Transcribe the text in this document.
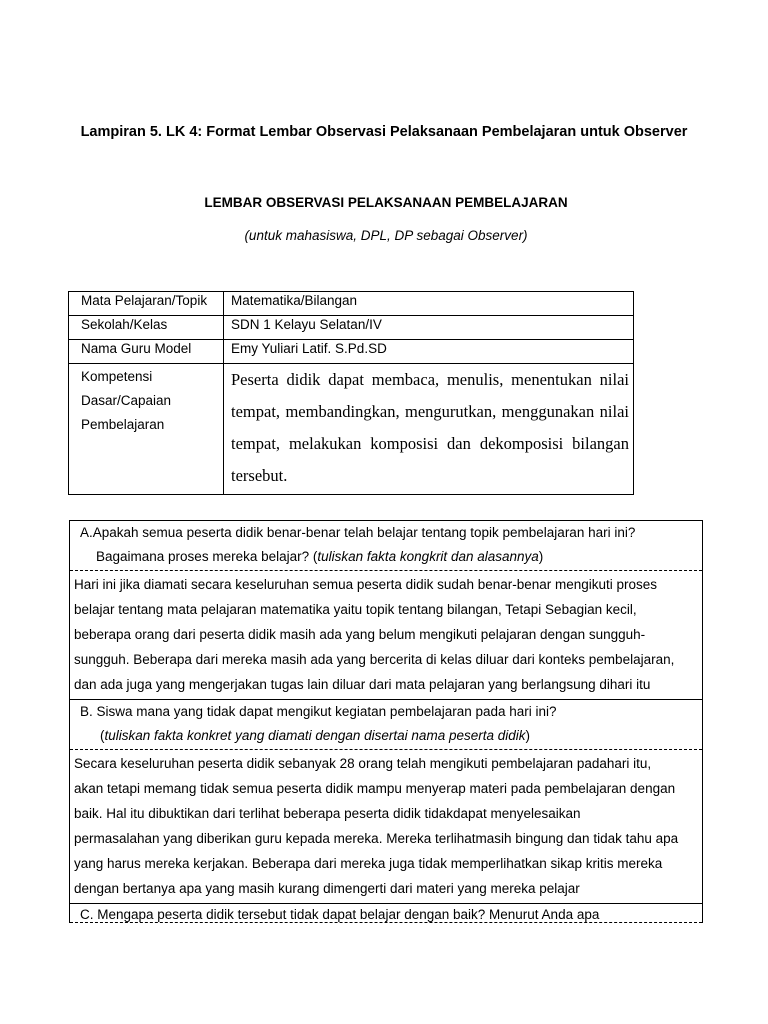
Lampiran 5. LK 4: Format Lembar Observasi Pelaksanaan Pembelajaran untuk Observer
LEMBAR OBSERVASI PELAKSANAAN PEMBELAJARAN
(untuk mahasiswa, DPL, DP sebagai Observer)
Mata Pelajaran/Topik	Matematika/Bilangan
Sekolah/Kelas	SDN 1 Kelayu Selatan/IV
Nama Guru Model	Emy Yuliari Latif. S.Pd.SD

Kompetensi
Dasar/Capaian
Pembelajaran	Peserta didik dapat membaca, menulis, menentukan nilai tempat, membandingkan, mengurutkan, menggunakan nilai tempat, melakukan komposisi dan dekomposisi bilangan tersebut.
A.Apakah semua peserta didik benar-benar telah belajar tentang topik pembelajaran hari ini?
Bagaimana proses mereka belajar? (tuliskan fakta kongkrit dan alasannya)

Hari ini jika diamati secara keseluruhan semua peserta didik sudah benar-benar mengikuti proses

belajar tentang mata pelajaran matematika yaitu topik tentang bilangan, Tetapi Sebagian kecil,

beberapa orang dari peserta didik masih ada yang belum mengikuti pelajaran dengan sungguh-

sungguh. Beberapa dari mereka masih ada yang bercerita di kelas diluar dari konteks pembelajaran,

dan ada juga yang mengerjakan tugas lain diluar dari mata pelajaran yang berlangsung dihari itu

B. Siswa mana yang tidak dapat mengikut kegiatan pembelajaran pada hari ini?
(tuliskan fakta konkret yang diamati dengan disertai nama peserta didik)

Secara keseluruhan peserta didik sebanyak 28 orang telah mengikuti pembelajaran padahari itu,

akan tetapi memang tidak semua peserta didik mampu menyerap materi pada pembelajaran dengan

baik. Hal itu dibuktikan dari terlihat beberapa peserta didik tidakdapat menyelesaikan

permasalahan yang diberikan guru kepada mereka. Mereka terlihatmasih bingung dan tidak tahu apa

yang harus mereka kerjakan. Beberapa dari mereka juga tidak memperlihatkan sikap kritis mereka

dengan bertanya apa yang masih kurang dimengerti dari materi yang mereka pelajar

C. Mengapa peserta didik tersebut tidak dapat belajar dengan baik? Menurut Anda apa
